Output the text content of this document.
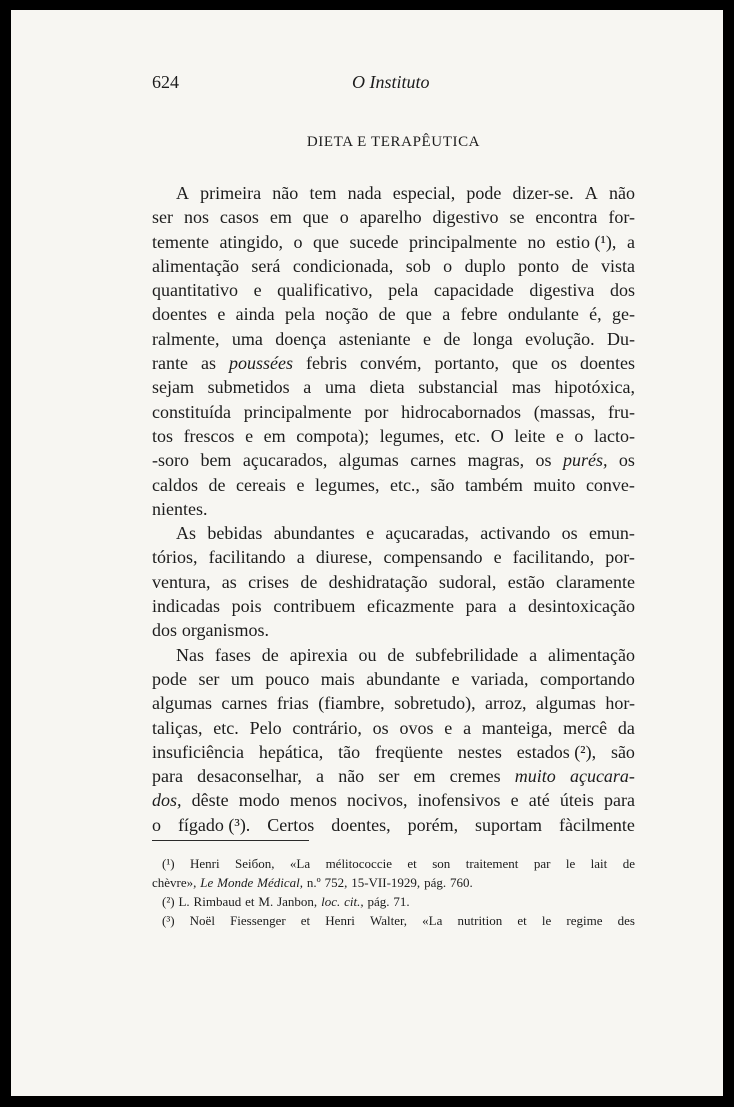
624	O Instituto
DIETA E TERAPÊUTICA
A primeira não tem nada especial, pode dizer-se. A não
ser nos casos em que o aparelho digestivo se encontra for-
temente atingido, o que sucede principalmente no estio (¹), a
alimentação será condicionada, sob o duplo ponto de vista
quantitativo e qualificativo, pela capacidade digestiva dos
doentes e ainda pela noção de que a febre ondulante é, ge-
ralmente, uma doença asteniante e de longa evolução. Du-
rante as poussées febris convém, portanto, que os doentes
sejam submetidos a uma dieta substancial mas hipotóxica,
constituída principalmente por hidrocabornados (massas, fru-
tos frescos e em compota); legumes, etc. O leite e o lacto-
-soro bem açucarados, algumas carnes magras, os purés, os
caldos de cereais e legumes, etc., são também muito conve-
nientes.
As bebidas abundantes e açucaradas, activando os emun-
tórios, facilitando a diurese, compensando e facilitando, por-
ventura, as crises de deshidratação sudoral, estão claramente
indicadas pois contribuem eficazmente para a desintoxicação
dos organismos.
Nas fases de apirexia ou de subfebrilidade a alimentação
pode ser um pouco mais abundante e variada, comportando
algumas carnes frias (fiambre, sobretudo), arroz, algumas hor-
taliças, etc. Pelo contrário, os ovos e a manteiga, mercê da
insuficiência hepática, tão freqüente nestes estados (²), são
para desaconselhar, a não ser em cremes muito açucara-
dos, dêste modo menos nocivos, inofensivos e até úteis para
o fígado (³). Certos doentes, porém, suportam fàcilmente
(¹) Henri Seібon, «La mélitococcie et son traitement par le lait de
chèvre», Le Monde Médical, n.º 752, 15-VII-1929, pág. 760.
(²) L. Rimbaud et M. Janbon, loc. cit., pág. 71.
(³) Noël Fiessenger et Henri Walter, «La nutrition et le regime des
